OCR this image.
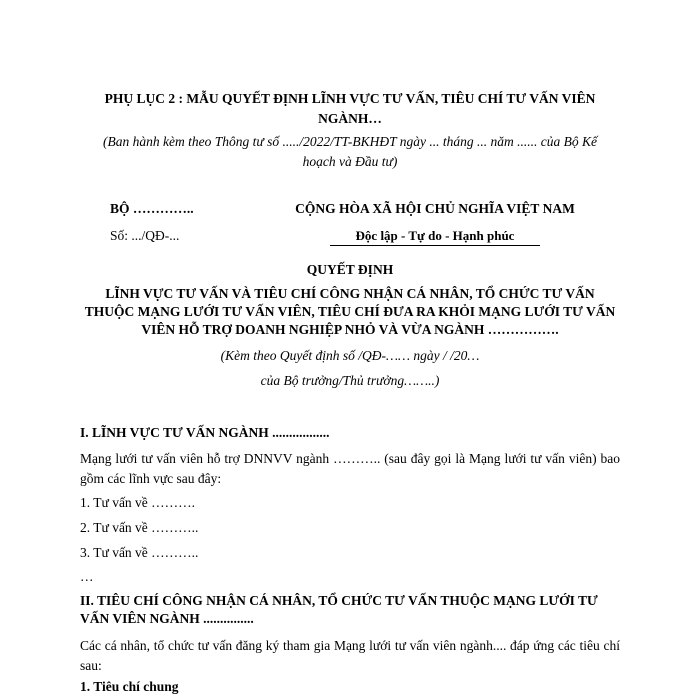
PHỤ LỤC 2 : MẪU QUYẾT ĐỊNH LĨNH VỰC TƯ VẤN, TIÊU CHÍ TƯ VẤN VIÊN NGÀNH…
(Ban hành kèm theo Thông tư số ...../2022/TT-BKHĐT ngày ... tháng ... năm ...... của Bộ Kế hoạch và Đầu tư)
BỘ …………..
Số: .../QĐ-...
CỘNG HÒA XÃ HỘI CHỦ NGHĨA VIỆT NAM
Độc lập - Tự do - Hạnh phúc
QUYẾT ĐỊNH
LĨNH VỰC TƯ VẤN VÀ TIÊU CHÍ CÔNG NHẬN CÁ NHÂN, TỔ CHỨC TƯ VẤN THUỘC MẠNG LƯỚI TƯ VẤN VIÊN, TIÊU CHÍ ĐƯA RA KHỎI MẠNG LƯỚI TƯ VẤN VIÊN HỖ TRỢ DOANH NGHIỆP NHỎ VÀ VỪA NGÀNH …………….
(Kèm theo Quyết định số /QĐ-…… ngày / /20…
của Bộ trưởng/Thủ trưởng……..)
I. LĨNH VỰC TƯ VẤN NGÀNH .................
Mạng lưới tư vấn viên hỗ trợ DNNVV ngành ……….. (sau đây gọi là Mạng lưới tư vấn viên) bao gồm các lĩnh vực sau đây:
1. Tư vấn về ……….
2. Tư vấn về ………..
3. Tư vấn về ………..
…
II. TIÊU CHÍ CÔNG NHẬN CÁ NHÂN, TỔ CHỨC TƯ VẤN THUỘC MẠNG LƯỚI TƯ VẤN VIÊN NGÀNH ...............
Các cá nhân, tổ chức tư vấn đăng ký tham gia Mạng lưới tư vấn viên ngành.... đáp ứng các tiêu chí sau:
1. Tiêu chí chung
